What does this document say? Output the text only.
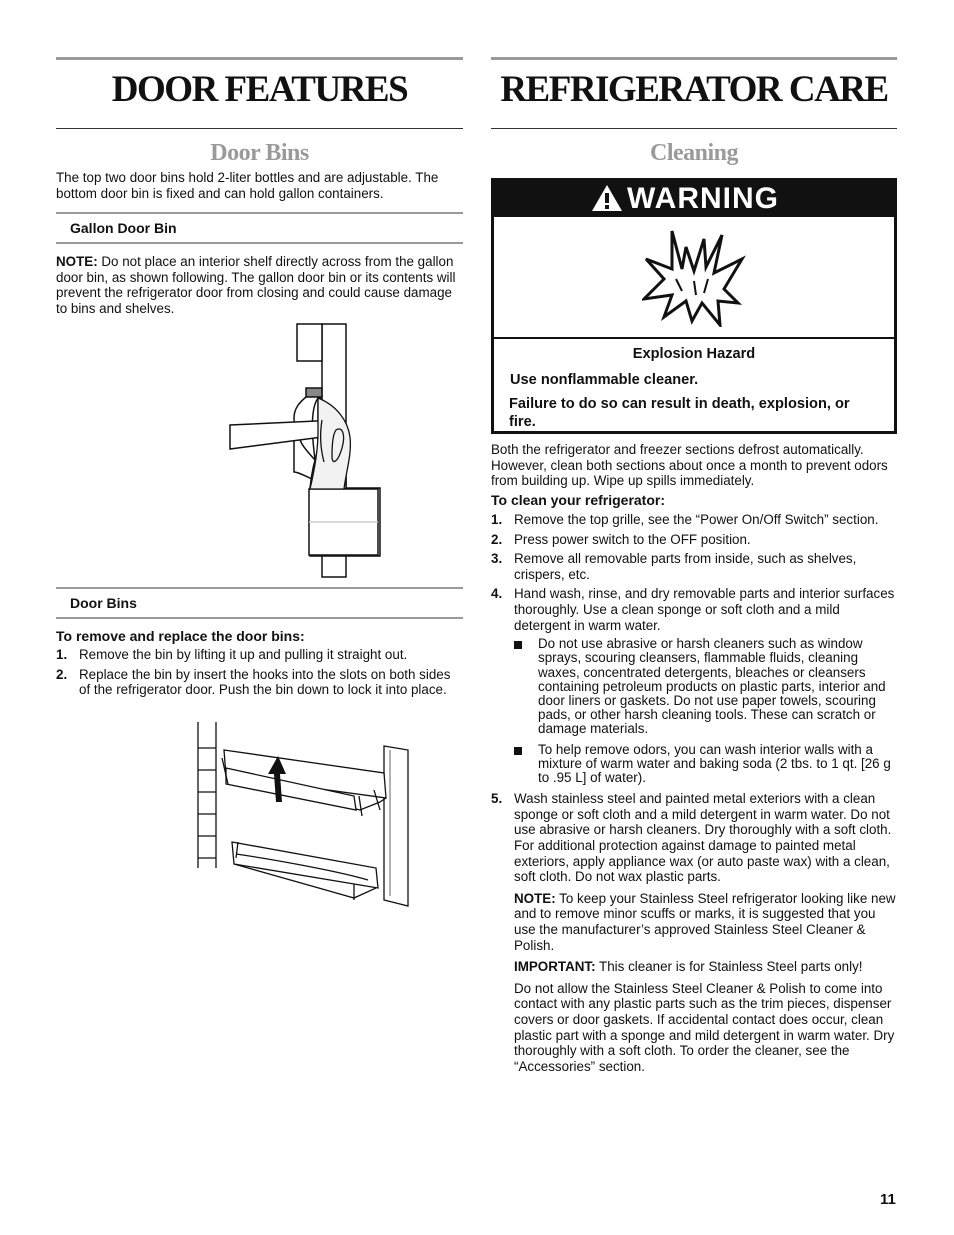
DOOR FEATURES
Door Bins

The top two door bins hold 2-liter bottles and are adjustable. The bottom door bin is fixed and can hold gallon containers.

Gallon Door Bin

NOTE: Do not place an interior shelf directly across from the gallon door bin, as shown following. The gallon door bin or its contents will prevent the refrigerator door from closing and could cause damage to bins and shelves.

Door Bins

To remove and replace the door bins:

1. Remove the bin by lifting it up and pulling it straight out.
2. Replace the bin by insert the hooks into the slots on both sides of the refrigerator door. Push the bin down to lock it into place.
REFRIGERATOR CARE
Cleaning
WARNING

Explosion Hazard

Use nonflammable cleaner.

Failure to do so can result in death, explosion, or fire.

Both the refrigerator and freezer sections defrost automatically. However, clean both sections about once a month to prevent odors from building up. Wipe up spills immediately.

To clean your refrigerator:

1. Remove the top grille, see the “Power On/Off Switch” section.
2. Press power switch to the OFF position.
3. Remove all removable parts from inside, such as shelves, crispers, etc.
4. Hand wash, rinse, and dry removable parts and interior surfaces thoroughly. Use a clean sponge or soft cloth and a mild detergent in warm water.
Do not use abrasive or harsh cleaners such as window sprays, scouring cleansers, flammable fluids, cleaning waxes, concentrated detergents, bleaches or cleansers containing petroleum products on plastic parts, interior and door liners or gaskets. Do not use paper towels, scouring pads, or other harsh cleaning tools. These can scratch or damage materials.
To help remove odors, you can wash interior walls with a mixture of warm water and baking soda (2 tbs. to 1 qt. [26 g to .95 L] of water).
5. Wash stainless steel and painted metal exteriors with a clean sponge or soft cloth and a mild detergent in warm water. Do not use abrasive or harsh cleaners. Dry thoroughly with a soft cloth. For additional protection against damage to painted metal exteriors, apply appliance wax (or auto paste wax) with a clean, soft cloth. Do not wax plastic parts.

NOTE: To keep your Stainless Steel refrigerator looking like new and to remove minor scuffs or marks, it is suggested that you use the manufacturer’s approved Stainless Steel Cleaner & Polish.

IMPORTANT: This cleaner is for Stainless Steel parts only!

Do not allow the Stainless Steel Cleaner & Polish to come into contact with any plastic parts such as the trim pieces, dispenser covers or door gaskets. If accidental contact does occur, clean plastic part with a sponge and mild detergent in warm water. Dry thoroughly with a soft cloth. To order the cleaner, see the “Accessories” section.

11
